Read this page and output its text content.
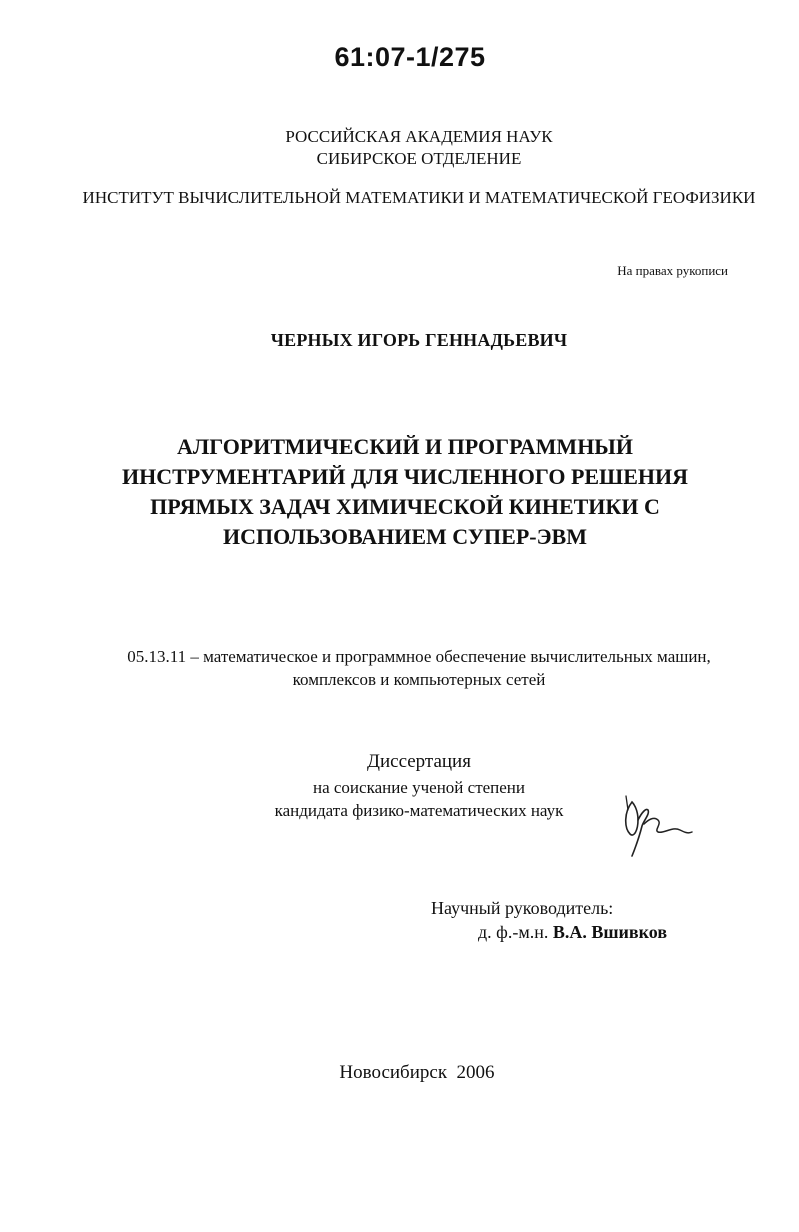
61:07-1/275
РОССИЙСКАЯ АКАДЕМИЯ НАУК
СИБИРСКОЕ ОТДЕЛЕНИЕ
ИНСТИТУТ ВЫЧИСЛИТЕЛЬНОЙ МАТЕМАТИКИ И МАТЕМАТИЧЕСКОЙ ГЕОФИЗИКИ
На правах рукописи
ЧЕРНЫХ ИГОРЬ ГЕННАДЬЕВИЧ
АЛГОРИТМИЧЕСКИЙ И ПРОГРАММНЫЙ
ИНСТРУМЕНТАРИЙ ДЛЯ ЧИСЛЕННОГО РЕШЕНИЯ
ПРЯМЫХ ЗАДАЧ ХИМИЧЕСКОЙ КИНЕТИКИ С
ИСПОЛЬЗОВАНИЕМ СУПЕР-ЭВМ
05.13.11 – математическое и программное обеспечение вычислительных машин,
комплексов и компьютерных сетей
Диссертация
на соискание ученой степени
кандидата физико-математических наук
Научный руководитель:
д. ф.-м.н. В.А. Вшивков
Новосибирск  2006
